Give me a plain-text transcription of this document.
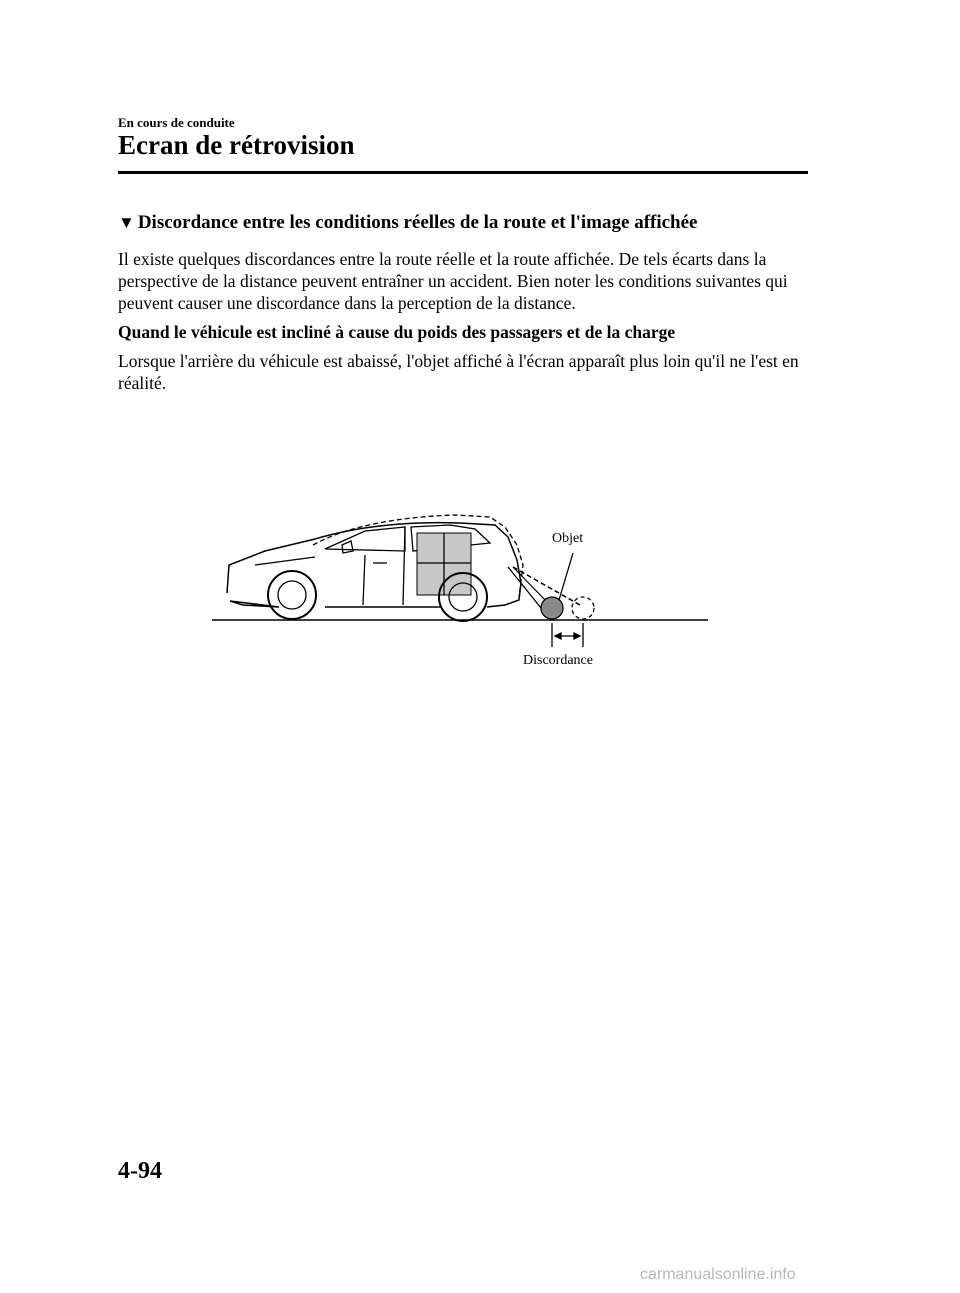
En cours de conduite
Ecran de rétrovision
▼ Discordance entre les conditions réelles de la route et l'image affichée
Il existe quelques discordances entre la route réelle et la route affichée. De tels écarts dans la perspective de la distance peuvent entraîner un accident. Bien noter les conditions suivantes qui peuvent causer une discordance dans la perception de la distance.
Quand le véhicule est incliné à cause du poids des passagers et de la charge
Lorsque l'arrière du véhicule est abaissé, l'objet affiché à l'écran apparaît plus loin qu'il ne l'est en réalité.
Objet
Discordance
4-94
carmanualsonline.info
